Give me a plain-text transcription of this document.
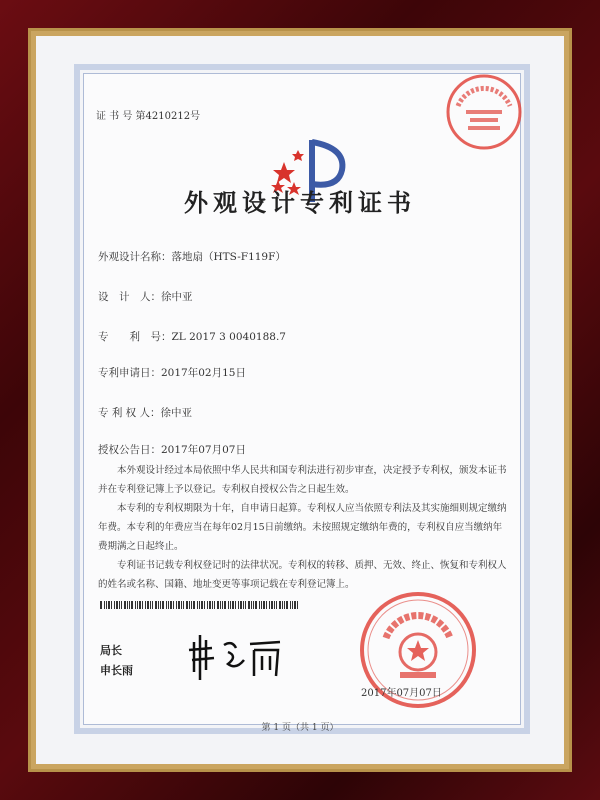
证 书 号 第4210212号
外观设计专利证书
外观设计名称：落地扇（HTS-F119F）
设　计　人：徐中亚
专　　利　号：ZL 2017 3 0040188.7
专利申请日：2017年02月15日
专 利 权 人：徐中亚
授权公告日：2017年07月07日

本外观设计经过本局依照中华人民共和国专利法进行初步审查，决定授予专利权，颁发本证书并在专利登记簿上予以登记。专利权自授权公告之日起生效。

本专利的专利权期限为十年，自申请日起算。专利权人应当依照专利法及其实施细则规定缴纳年费。本专利的年费应当在每年02月15日前缴纳。未按照规定缴纳年费的，专利权自应当缴纳年费期满之日起终止。

专利证书记载专利权登记时的法律状况。专利权的转移、质押、无效、终止、恢复和专利权人的姓名或名称、国籍、地址变更等事项记载在专利登记簿上。

局长
申长雨
2017年07月07日
第 1 页（共 1 页）
